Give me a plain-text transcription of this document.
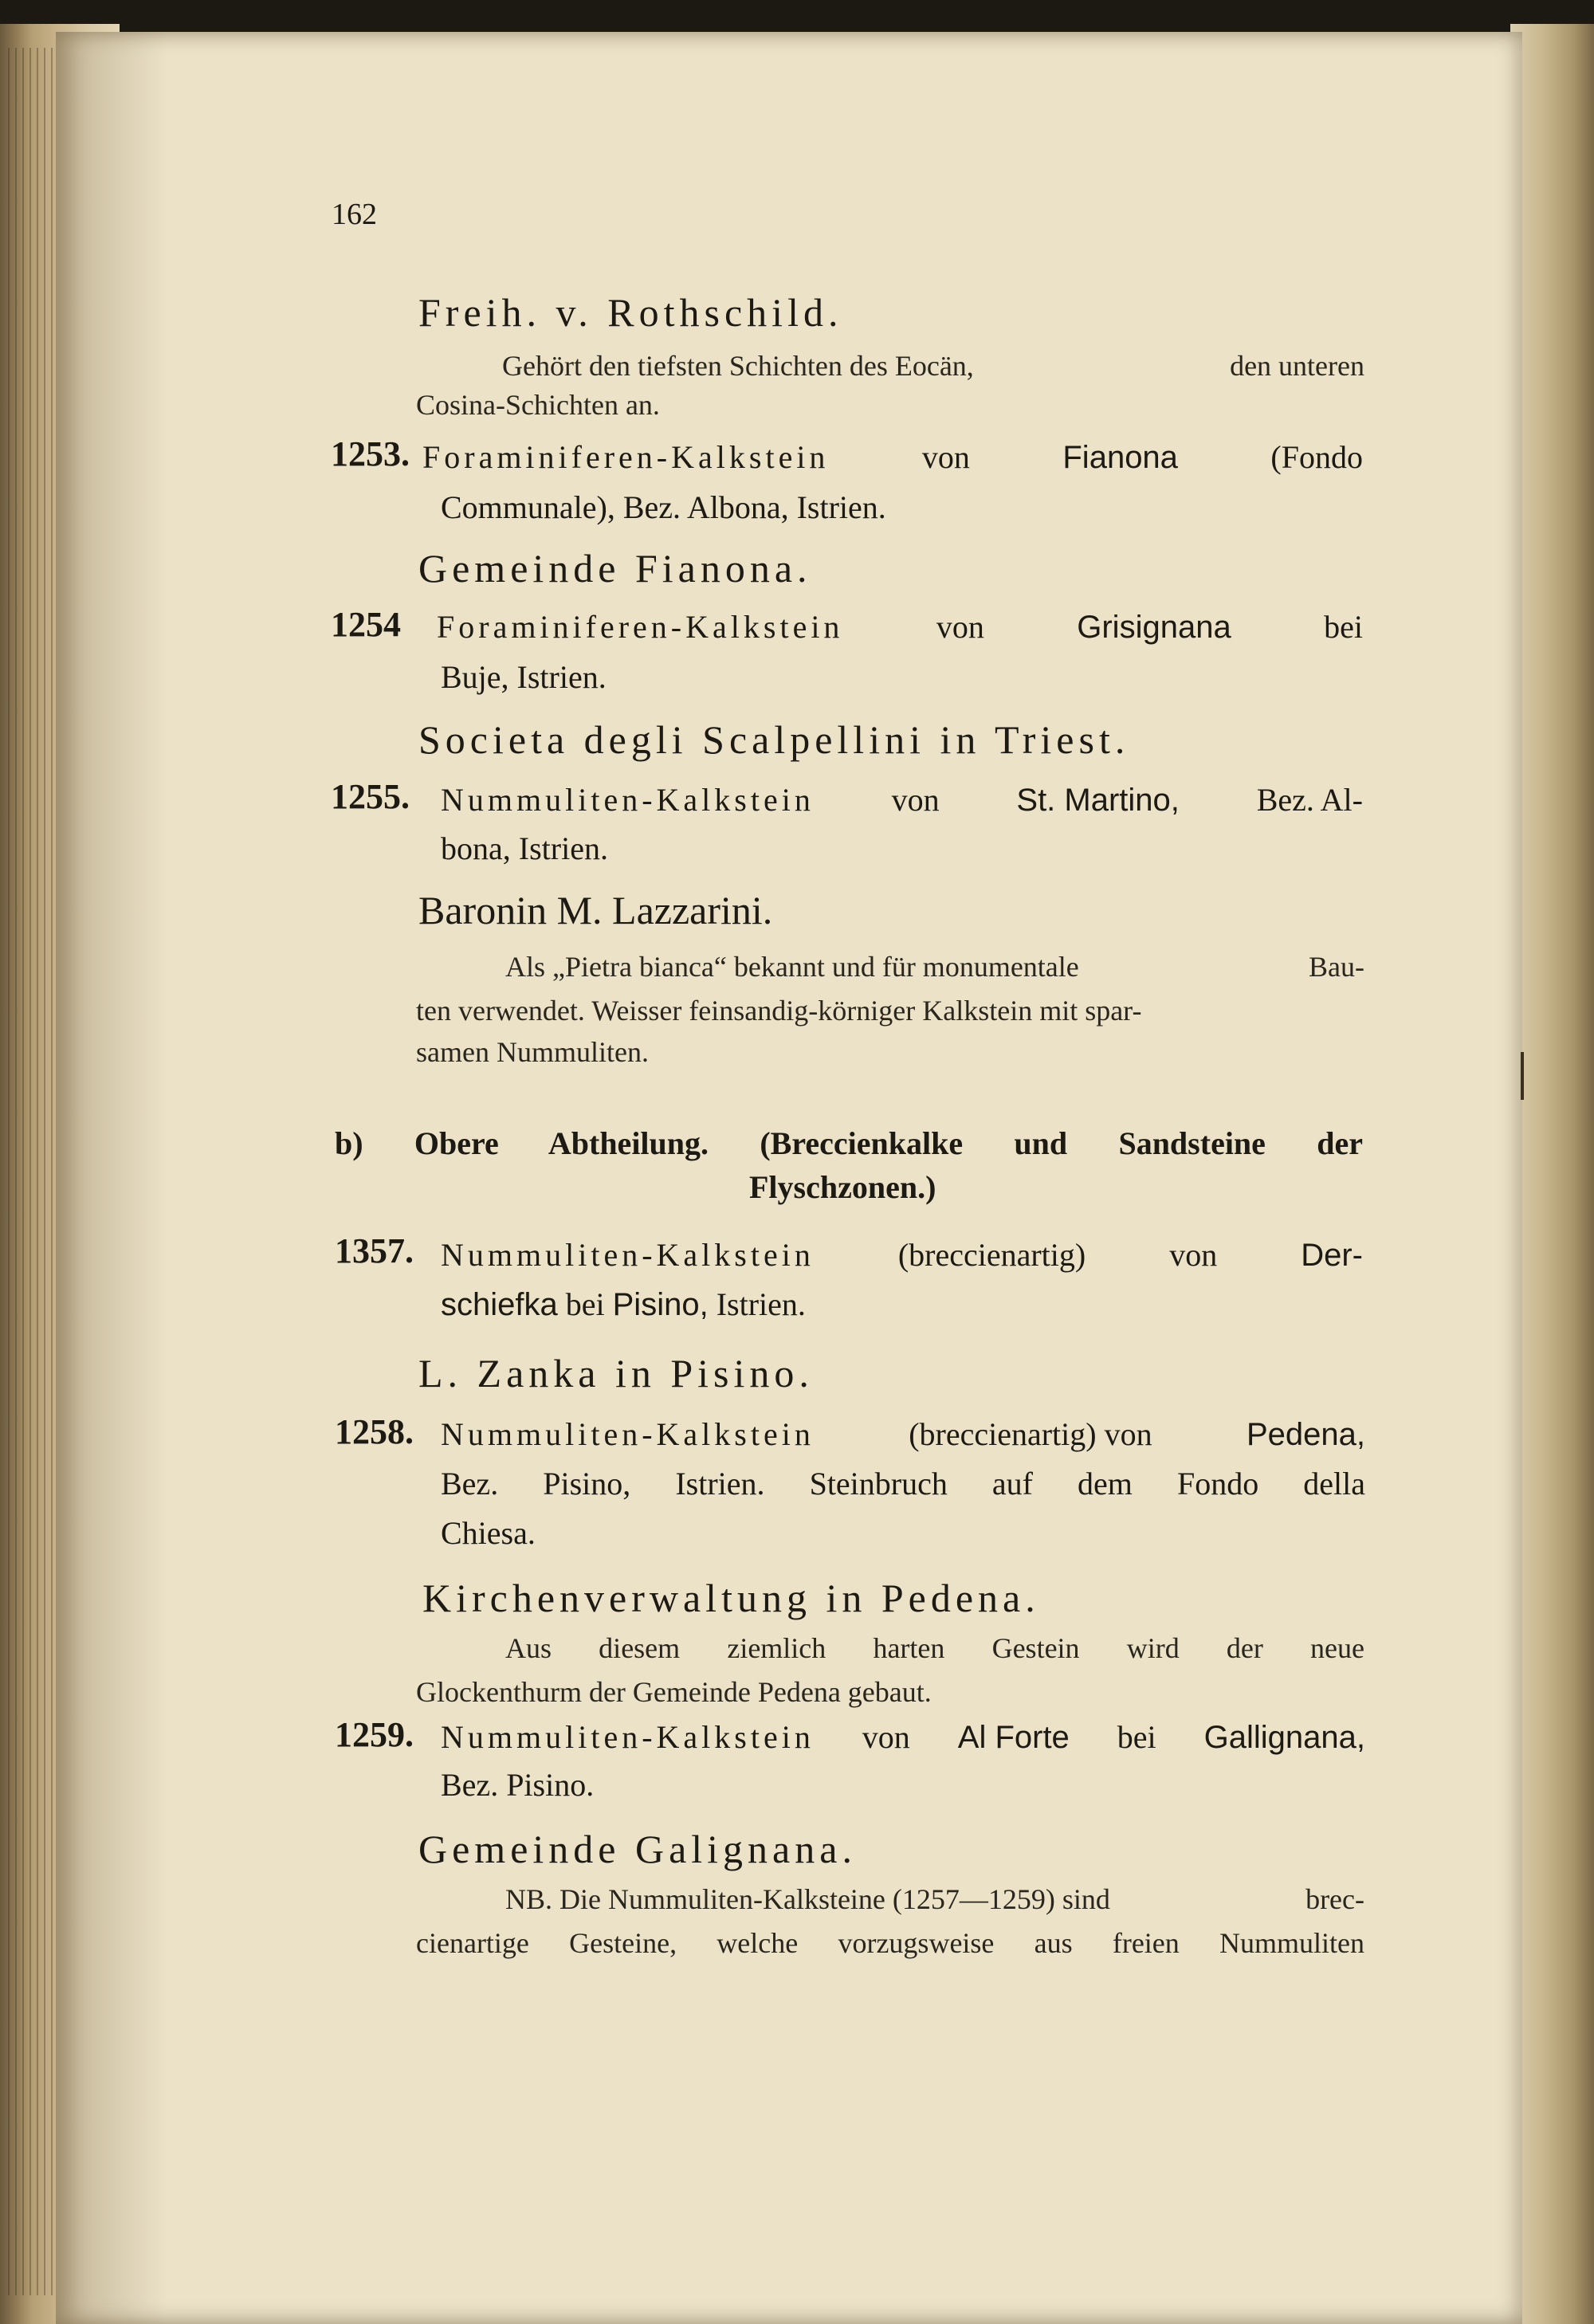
162
Freih. v. Rothschild.
Gehört den tiefsten Schichten des Eocän,	den unteren
Cosina-Schichten an.
1253. Foraminiferen-Kalkstein	von	Fianona	(Fondo
Communale), Bez. Albona, Istrien.
Gemeinde Fianona.
1254 Foraminiferen-Kalkstein	von	Grisignana	bei
Buje, Istrien.
Societa degli Scalpellini in Triest.
1255. Nummuliten-Kalkstein von St. Martino, Bez. Al-
bona, Istrien.
Baronin M. Lazzarini.
Als „Pietra bianca“ bekannt und für monumentale	Bau-
ten verwendet. Weisser feinsandig-körniger Kalkstein mit spar-
samen Nummuliten.
b) Obere Abtheilung. (Breccienkalke und Sandsteine der
Flyschzonen.)
1357. Nummuliten-Kalkstein	(breccienartig)	von	Der-
schiefka bei Pisino, Istrien.
L. Zanka in Pisino.
1258. Nummuliten-Kalkstein	(breccienartig) von	Pedena,
Bez. Pisino, Istrien. Steinbruch auf dem Fondo della
Chiesa.
Kirchenverwaltung in Pedena.
Aus diesem ziemlich harten Gestein wird der neue
Glockenthurm der Gemeinde Pedena gebaut.
1259. Nummuliten-Kalkstein von Al Forte bei Gallignana,
Bez. Pisino.
Gemeinde Galignana.
NB. Die Nummuliten-Kalksteine (1257—1259) sind	brec-
cienartige Gesteine, welche vorzugsweise aus freien Nummuliten
